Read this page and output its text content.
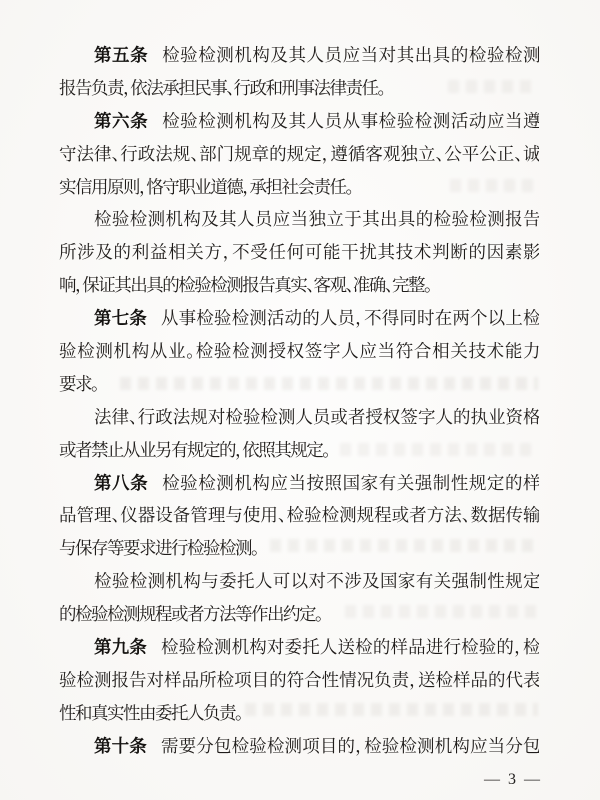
第五条 检验检测机构及其人员应当对其出具的检验检测
报告负责，依法承担民事、行政和刑事法律责任。
第六条 检验检测机构及其人员从事检验检测活动应当遵
守法律、行政法规、部门规章的规定，遵循客观独立、公平公正、诚
实信用原则，恪守职业道德，承担社会责任。
检验检测机构及其人员应当独立于其出具的检验检测报告
所涉及的利益相关方，不受任何可能干扰其技术判断的因素影
响，保证其出具的检验检测报告真实、客观、准确、完整。
第七条 从事检验检测活动的人员，不得同时在两个以上检
验检测机构从业。检验检测授权签字人应当符合相关技术能力
要求。
法律、行政法规对检验检测人员或者授权签字人的执业资格
或者禁止从业另有规定的，依照其规定。
第八条 检验检测机构应当按照国家有关强制性规定的样
品管理、仪器设备管理与使用、检验检测规程或者方法、数据传输
与保存等要求进行检验检测。
检验检测机构与委托人可以对不涉及国家有关强制性规定
的检验检测规程或者方法等作出约定。
第九条 检验检测机构对委托人送检的样品进行检验的，检
验检测报告对样品所检项目的符合性情况负责，送检样品的代表
性和真实性由委托人负责。
第十条 需要分包检验检测项目的，检验检测机构应当分包
— 3 —
